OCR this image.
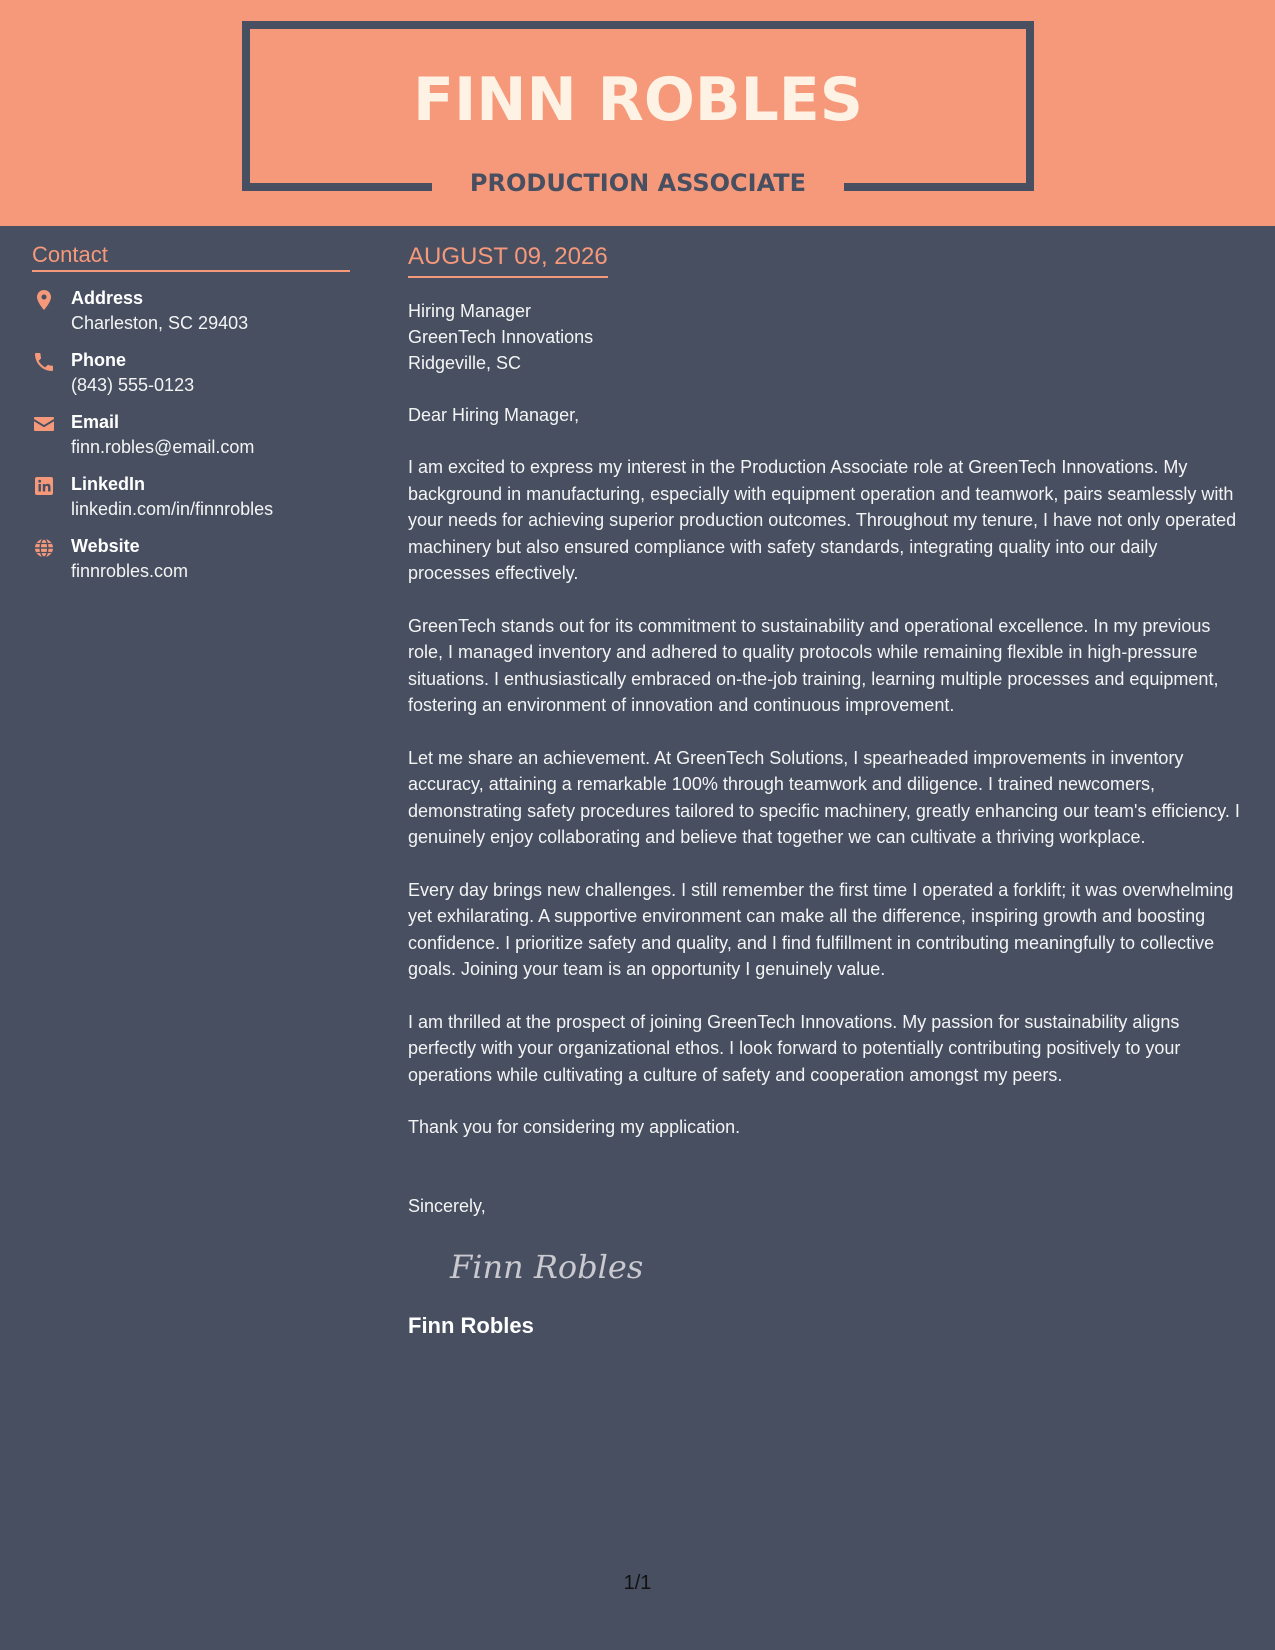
FINN ROBLES
PRODUCTION ASSOCIATE
Contact
Address
Charleston, SC 29403
Phone
(843) 555-0123
Email
finn.robles@email.com
LinkedIn
linkedin.com/in/finnrobles
Website
finnrobles.com
AUGUST 09, 2026
Hiring Manager
GreenTech Innovations
Ridgeville, SC
Dear Hiring Manager,

I am excited to express my interest in the Production Associate role at GreenTech Innovations. My background in manufacturing, especially with equipment operation and teamwork, pairs seamlessly with your needs for achieving superior production outcomes. Throughout my tenure, I have not only operated machinery but also ensured compliance with safety standards, integrating quality into our daily processes effectively.

GreenTech stands out for its commitment to sustainability and operational excellence. In my previous role, I managed inventory and adhered to quality protocols while remaining flexible in high-pressure situations. I enthusiastically embraced on-the-job training, learning multiple processes and equipment, fostering an environment of innovation and continuous improvement.

Let me share an achievement. At GreenTech Solutions, I spearheaded improvements in inventory accuracy, attaining a remarkable 100% through teamwork and diligence. I trained newcomers, demonstrating safety procedures tailored to specific machinery, greatly enhancing our team's efficiency. I genuinely enjoy collaborating and believe that together we can cultivate a thriving workplace.

Every day brings new challenges. I still remember the first time I operated a forklift; it was overwhelming yet exhilarating. A supportive environment can make all the difference, inspiring growth and boosting confidence. I prioritize safety and quality, and I find fulfillment in contributing meaningfully to collective goals. Joining your team is an opportunity I genuinely value.

I am thrilled at the prospect of joining GreenTech Innovations. My passion for sustainability aligns perfectly with your organizational ethos. I look forward to potentially contributing positively to your operations while cultivating a culture of safety and cooperation amongst my peers.

Thank you for considering my application.

Sincerely,
Finn Robles
Finn Robles
1/1
